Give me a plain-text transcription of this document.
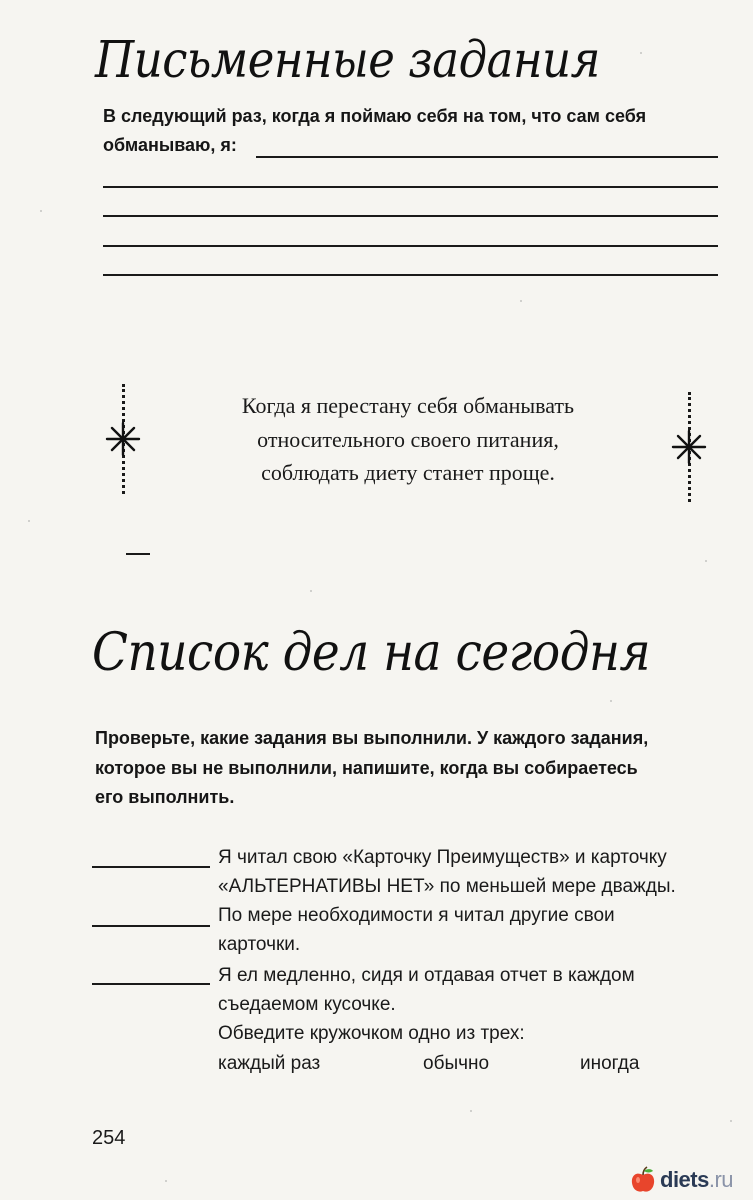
Письменные задания
В следующий раз, когда я поймаю себя на том, что сам себя
обманываю, я:
Когда я перестану себя обманывать
относительного своего питания,
соблюдать диету станет проще.
Список дел на сегодня
Проверьте, какие задания вы выполнили. У каждого задания,
которое вы не выполнили, напишите, когда вы собираетесь
его выполнить.
Я читал свою «Карточку Преимуществ» и карточку
«АЛЬТЕРНАТИВЫ НЕТ» по меньшей мере дважды.
По мере необходимости я читал другие свои
карточки.
Я ел медленно, сидя и отдавая отчет в каждом
съедаемом кусочке.
Обведите кружочком одно из трех:
каждый раз	обычно	иногда
254
diets.ru
